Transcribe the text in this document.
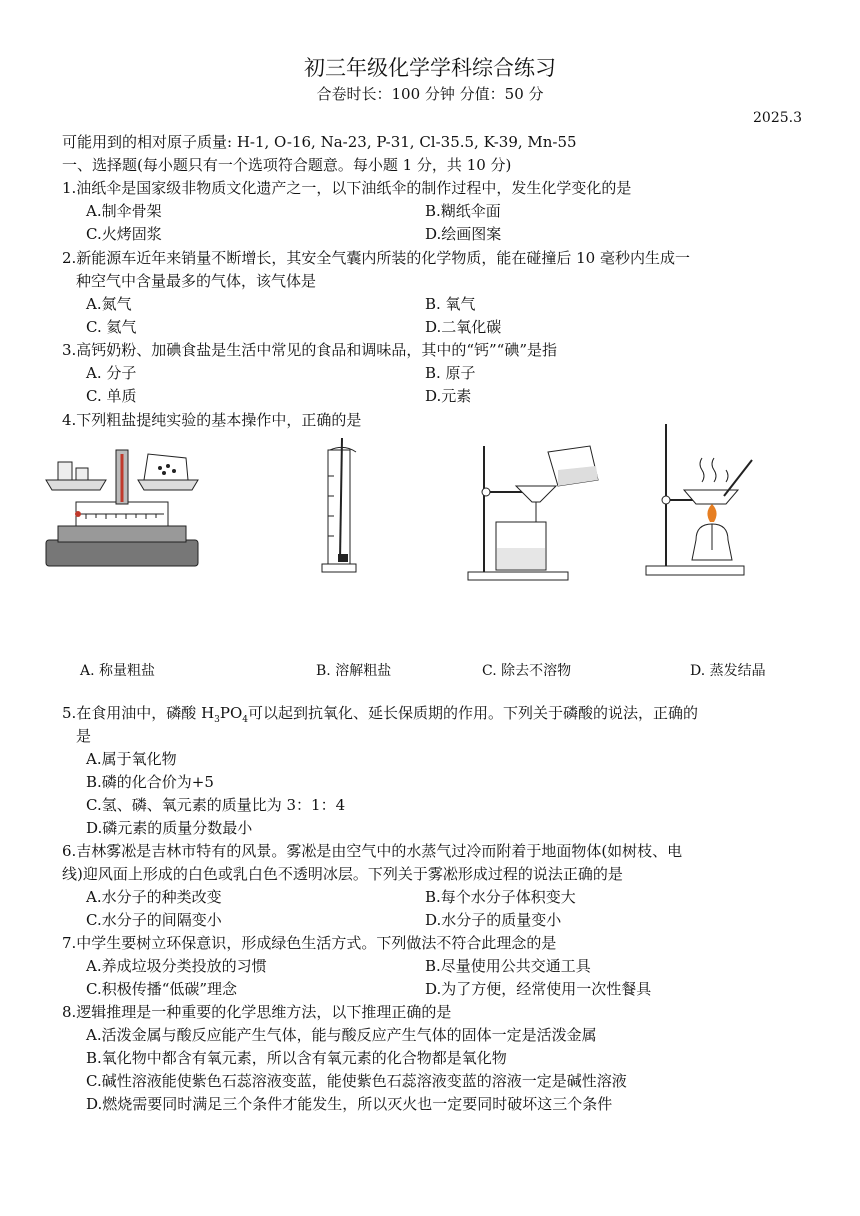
初三年级化学学科综合练习
合卷时长：100 分钟 分值：50 分
2025.3
可能用到的相对原子质量: H-1, O-16, Na-23, P-31, Cl-35.5, K-39, Mn-55
一、选择题(每小题只有一个选项符合题意。每小题 1 分，共 10 分)
1.油纸伞是国家级非物质文化遗产之一，以下油纸伞的制作过程中，发生化学变化的是
A.制伞骨架	B.糊纸伞面
C.火烤固浆	D.绘画图案
2.新能源车近年来销量不断增长，其安全气囊内所装的化学物质，能在碰撞后 10 毫秒内生成一
种空气中含量最多的气体，该气体是
A.氮气	B. 氧气
C. 氦气	D.二氧化碳
3.高钙奶粉、加碘食盐是生活中常见的食品和调味品，其中的“钙”“碘”是指
A. 分子	B. 原子
C. 单质	D.元素
4.下列粗盐提纯实验的基本操作中，正确的是
A. 称量粗盐	B. 溶解粗盐	C. 除去不溶物	D. 蒸发结晶
5.在食用油中，磷酸 $H_3PO_4$可以起到抗氧化、延长保质期的作用。下列关于磷酸的说法，正确的
是
A.属于氧化物
B.磷的化合价为+5
C.氢、磷、氧元素的质量比为 3：1：4
D.磷元素的质量分数最小
6.吉林雾凇是吉林市特有的风景。雾凇是由空气中的水蒸气过冷而附着于地面物体(如树枝、电
线)迎风面上形成的白色或乳白色不透明冰层。下列关于雾凇形成过程的说法正确的是
A.水分子的种类改变	B.每个水分子体积变大
C.水分子的间隔变小	D.水分子的质量变小
7.中学生要树立环保意识，形成绿色生活方式。下列做法不符合此理念的是
A.养成垃圾分类投放的习惯	B.尽量使用公共交通工具
C.积极传播“低碳”理念	D.为了方便，经常使用一次性餐具
8.逻辑推理是一种重要的化学思维方法，以下推理正确的是
A.活泼金属与酸反应能产生气体，能与酸反应产生气体的固体一定是活泼金属
B.氧化物中都含有氧元素，所以含有氧元素的化合物都是氧化物
C.碱性溶液能使紫色石蕊溶液变蓝，能使紫色石蕊溶液变蓝的溶液一定是碱性溶液
D.燃烧需要同时满足三个条件才能发生，所以灭火也一定要同时破坏这三个条件
